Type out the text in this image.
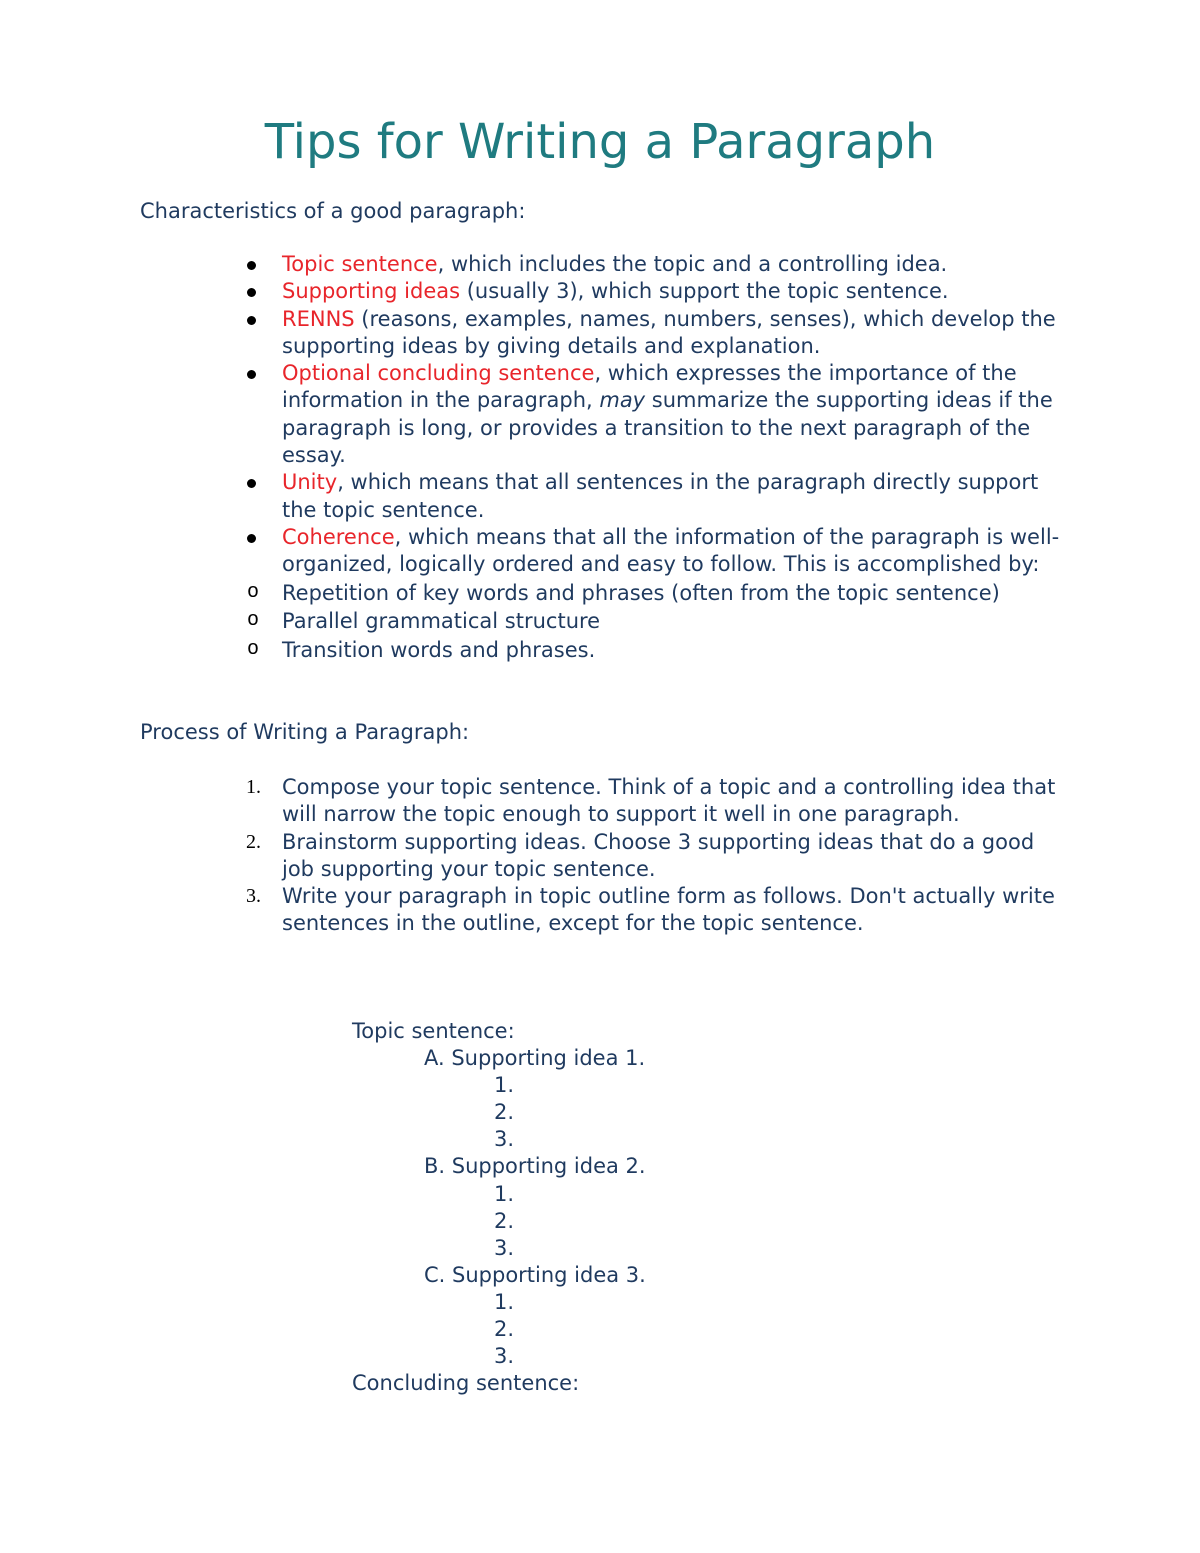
Tips for Writing a Paragraph

Characteristics of a good paragraph:

Topic sentence, which includes the topic and a controlling idea.
Supporting ideas (usually 3), which support the topic sentence.
RENNS (reasons, examples, names, numbers, senses), which develop the supporting ideas by giving details and explanation.
Optional concluding sentence, which expresses the importance of the information in the paragraph, may summarize the supporting ideas if the paragraph is long, or provides a transition to the next paragraph of the essay.
Unity, which means that all sentences in the paragraph directly support the topic sentence.
Coherence, which means that all the information of the paragraph is well-organized, logically ordered and easy to follow. This is accomplished by:
o Repetition of key words and phrases (often from the topic sentence)
o Parallel grammatical structure
o Transition words and phrases.

Process of Writing a Paragraph:

1. Compose your topic sentence. Think of a topic and a controlling idea that will narrow the topic enough to support it well in one paragraph.
2. Brainstorm supporting ideas. Choose 3 supporting ideas that do a good job supporting your topic sentence.
3. Write your paragraph in topic outline form as follows. Don't actually write sentences in the outline, except for the topic sentence.
Topic sentence:
A. Supporting idea 1.
1.
2.
3.
B. Supporting idea 2.
1.
2.
3.
C. Supporting idea 3.
1.
2.
3.
Concluding sentence:
